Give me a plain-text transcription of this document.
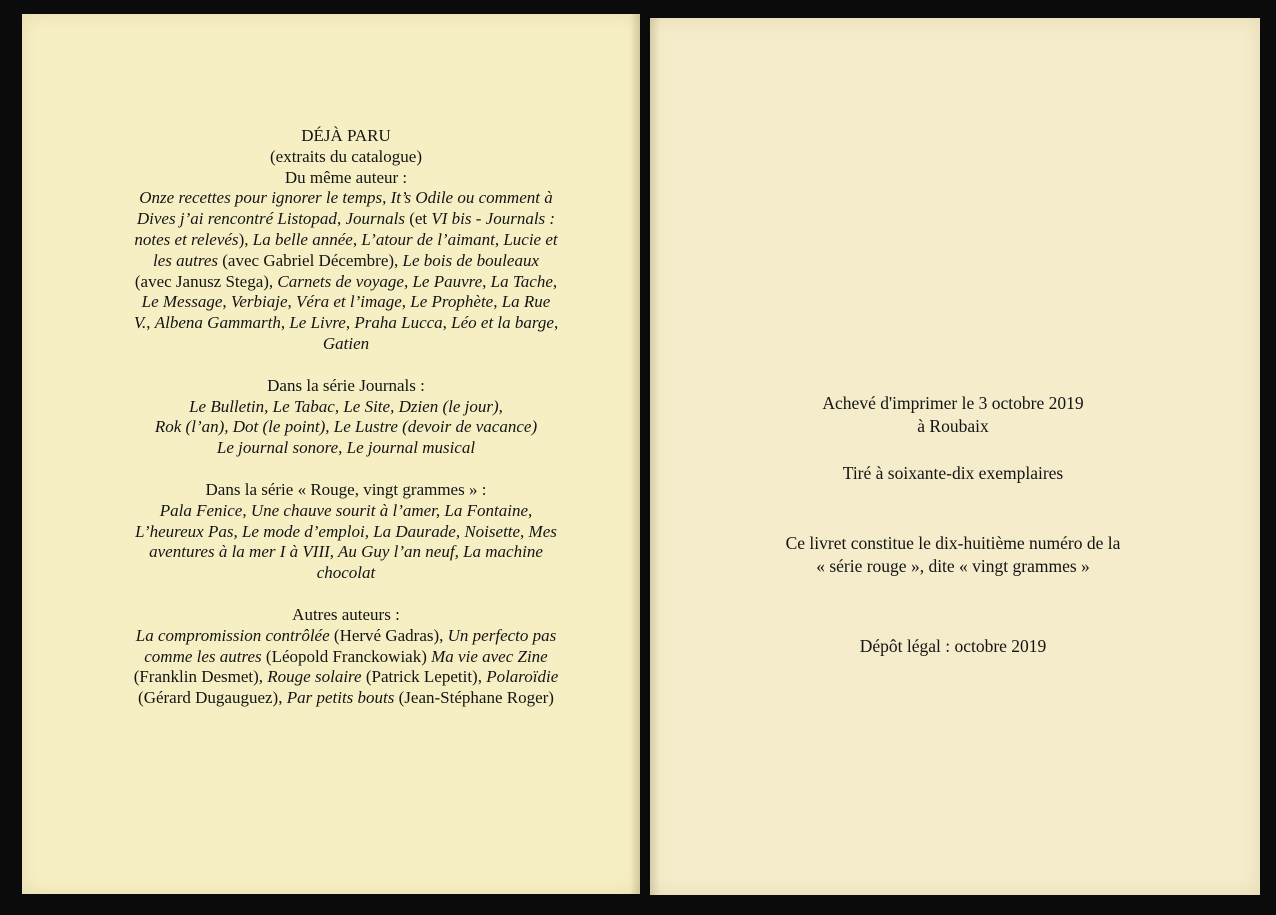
DÉJÀ PARU

(extraits du catalogue)

Du même auteur :

Onze recettes pour ignorer le temps, It’s Odile ou comment à Dives j’ai rencontré Listopad, Journals (et VI bis - Journals : notes et relevés), La belle année, L’atour de l’aimant, Lucie et les autres (avec Gabriel Décembre), Le bois de bouleaux (avec Janusz Stega), Carnets de voyage, Le Pauvre, La Tache, Le Message, Verbiaje, Véra et l’image, Le Prophète, La Rue V., Albena Gammarth, Le Livre, Praha Lucca, Léo et la barge, Gatien

Dans la série Journals :

Le Bulletin, Le Tabac, Le Site, Dzien (le jour),

Rok (l’an), Dot (le point), Le Lustre (devoir de vacance)

Le journal sonore, Le journal musical

Dans la série « Rouge, vingt grammes » :

Pala Fenice, Une chauve sourit à l’amer, La Fontaine, L’heureux Pas, Le mode d’emploi, La Daurade, Noisette, Mes aventures à la mer I à VIII, Au Guy l’an neuf, La machine chocolat

Autres auteurs :

La compromission contrôlée (Hervé Gadras), Un perfecto pas comme les autres (Léopold Franckowiak) Ma vie avec Zine (Franklin Desmet), Rouge solaire (Patrick Lepetit), Polaroïdie (Gérard Dugauguez), Par petits bouts (Jean-Stéphane Roger)

Achevé d'imprimer le 3 octobre 2019

à Roubaix

Tiré à soixante-dix exemplaires

Ce livret constitue le dix-huitième numéro de la

« série rouge », dite « vingt grammes »

Dépôt légal : octobre 2019
